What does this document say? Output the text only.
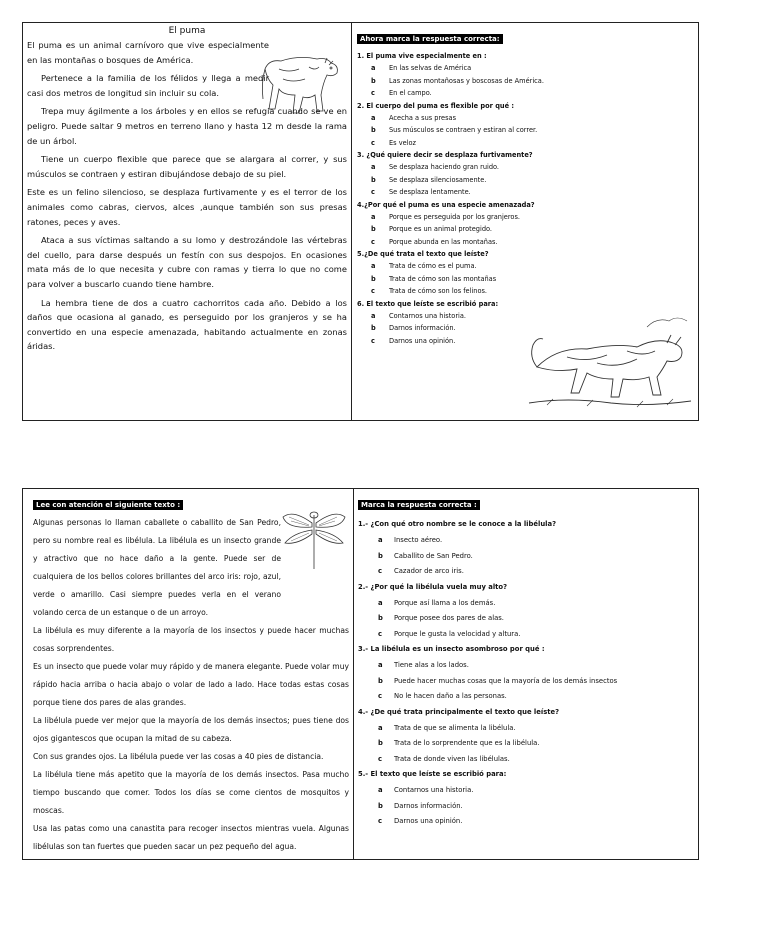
El puma

El puma es un animal carnívoro que vive especialmente en las montañas o bosques de América.

Pertenece a la familia de los félidos y llega a medir casi dos metros de longitud sin incluir su cola.

Trepa muy ágilmente a los árboles y en ellos se refugia cuando se ve en peligro. Puede saltar 9 metros en terreno llano y hasta 12 m desde la rama de un árbol.

Tiene un cuerpo flexible que parece que se alargara al correr, y sus músculos se contraen y estiran dibujándose debajo de su piel.

Este es un felino silencioso, se desplaza furtivamente y es el terror de los animales como cabras, ciervos, alces ,aunque también son sus presas ratones, peces y aves.

Ataca a sus víctimas saltando a su lomo y destrozándole las vértebras del cuello, para darse después un festín con sus despojos. En ocasiones mata más de lo que necesita y cubre con ramas y tierra lo que no come para volver a buscarlo cuando tiene hambre.

La hembra tiene de dos a cuatro cachorritos cada año. Debido a los daños que ocasiona al ganado, es perseguido por los granjeros y se ha convertido en una especie amenazada, habitando actualmente en zonas áridas.

Ahora marca la respuesta correcta:
1. El puma vive especialmente en :
a	En las selvas de América
b	Las zonas montañosas y boscosas de América.
c	En el campo.
2. El cuerpo del puma es flexible por qué :
a	Acecha a sus presas
b	Sus músculos se contraen y estiran al correr.
c	Es veloz
3. ¿Qué quiere decir se desplaza furtivamente?
a	Se desplaza haciendo gran ruido.
b	Se desplaza silenciosamente.
c	Se desplaza lentamente.
4.¿Por qué el puma es una especie amenazada?
a	Porque es perseguida por los granjeros.
b	Porque es un animal protegido.
c	Porque abunda en las montañas.
5.¿De qué trata el texto que leíste?
a	Trata de cómo es el puma.
b	Trata de cómo son las montañas
c	Trata de cómo son los felinos.
6. El texto que leíste se escribió para:
a	Contarnos una historia.
b	Darnos información.
c	Darnos una opinión.
Lee con atención el siguiente texto :

Algunas personas lo llaman caballete o caballito de San Pedro, pero su nombre real es libélula. La libélula es un insecto grande y atractivo que no hace daño a la gente. Puede ser de cualquiera de los bellos colores brillantes del arco iris: rojo, azul, verde o amarillo. Casi siempre puedes verla en el verano volando cerca de un estanque o de un arroyo.

La libélula es muy diferente a la mayoría de los insectos y puede hacer muchas cosas sorprendentes.

Es un insecto que puede volar muy rápido y de manera elegante. Puede volar muy rápido hacia arriba o hacia abajo o volar de lado a lado. Hace todas estas cosas porque tiene dos pares de alas grandes.

La libélula puede ver mejor que la mayoría de los demás insectos; pues tiene dos ojos gigantescos que ocupan la mitad de su cabeza.

Con sus grandes ojos. La libélula puede ver las cosas a 40 pies de distancia.

La libélula tiene más apetito que la mayoría de los demás insectos. Pasa mucho tiempo buscando que comer. Todos los días se come cientos de mosquitos y moscas.

Usa las patas como una canastita para recoger insectos mientras vuela. Algunas libélulas son tan fuertes que pueden sacar un pez pequeño del agua.

Marca la respuesta correcta :
1.- ¿Con qué otro nombre se le conoce a la libélula?
a	Insecto aéreo.
b	Caballito de San Pedro.
c	Cazador de arco iris.
2.- ¿Por qué la libélula vuela muy alto?
a	Porque así llama a los demás.
b	Porque posee dos pares de alas.
c	Porque le gusta la velocidad y altura.
3.- La libélula es un insecto asombroso por qué :
a	Tiene alas a los lados.
b	Puede hacer muchas cosas que la mayoría de los demás insectos
c	No le hacen daño a las personas.
4.- ¿De qué trata principalmente el texto que leíste?
a	Trata de que se alimenta la libélula.
b	Trata de lo sorprendente que es la libélula.
c	Trata de donde viven las libélulas.
5.- El texto que leíste se escribió para:
a	Contarnos una historia.
b	Darnos información.
c	Darnos una opinión.
